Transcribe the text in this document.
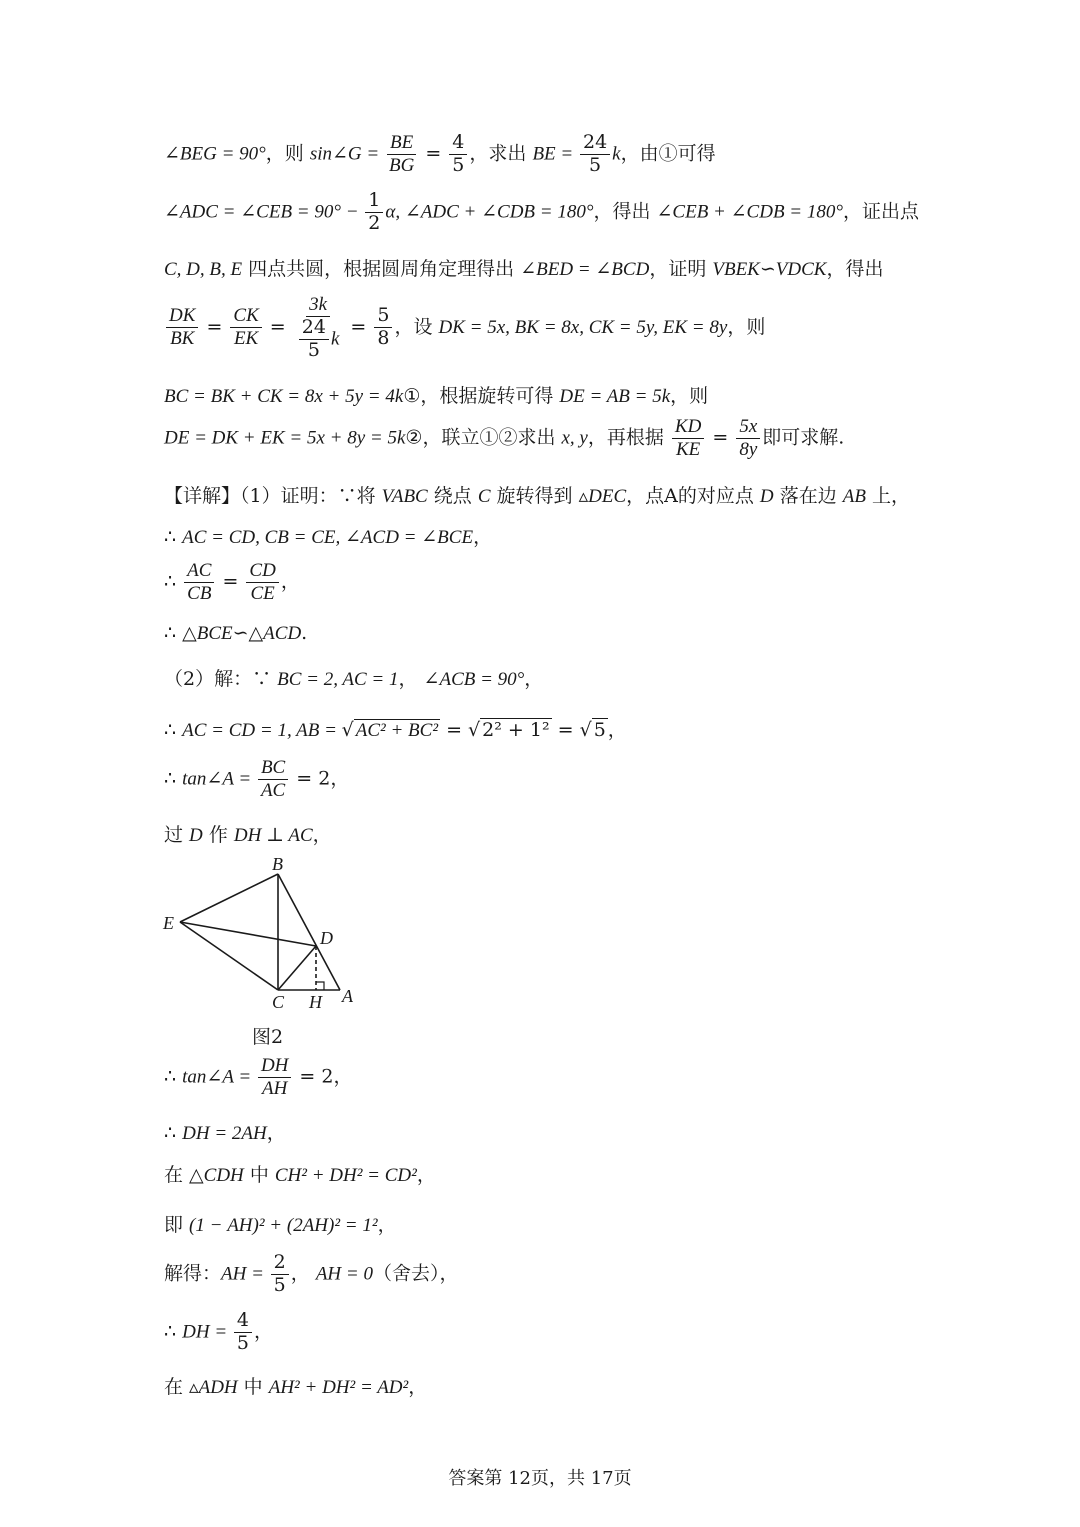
∠BEG = 90°，则 sin∠G = $\frac{BE}{BG} = \frac{4}{5}$ ，求出 BE = $\frac{24}{5}$ k，由①可得
∠ADC = ∠CEB = $90^\circ - \frac{1}{2} \alpha$, ∠ADC + ∠CDB = 180°，得出 ∠CEB + ∠CDB = 180°，证出点
C, D, B, E 四点共圆，根据圆周角定理得出 ∠BED = ∠BCD，证明 VBEK∽VDCK，得出
$\frac{DK}{BK} = \frac{CK}{EK} = \frac{3k}{\frac{24}{5} k} = \frac{5}{8}$ ，设 DK = 5x, BK = 8x, CK = 5y, EK = 8y，则
BC = BK + CK = 8x + 5y = 4k①，根据旋转可得 DE = AB = 5k，则
DE = DK + EK = 5x + 8y = 5k②，联立①②求出 x, y，再根据 $\frac{KD}{KE} = \frac{5x}{8y}$ 即可求解.
【详解】（1）证明：∵将 VABC 绕点 C 旋转得到 ▵DEC，点A的对应点 D 落在边 AB 上，
∴ AC = CD, CB = CE, ∠ACD = ∠BCE，
∴ $\frac{AC}{CB} = \frac{CD}{CE}$ ，
∴ △BCE∽△ACD.
（2）解：∵ BC = 2, AC = 1， ∠ACB = 90°，
∴ AC = CD = 1, AB = √ AC² + BC² = √ 2² + 1² = √ 5 ，
∴ tan∠A = $\frac{BC}{AC} = 2$，
过 D 作 DH ⊥ AC，
B
E
D
C H A
图2
∴ tan∠A = $\frac{DH}{AH} = 2$，
∴ DH = 2AH，
在 △CDH 中 CH² + DH² = CD²，
即 (1 − AH)² + (2AH)² = 1²，
解得：AH = $\frac{2}{5}$ ， AH = 0（舍去），
∴ DH = $\frac{4}{5}$ ，
在 ▵ADH 中 AH² + DH² = AD²，
答案第 12页，共 17页
